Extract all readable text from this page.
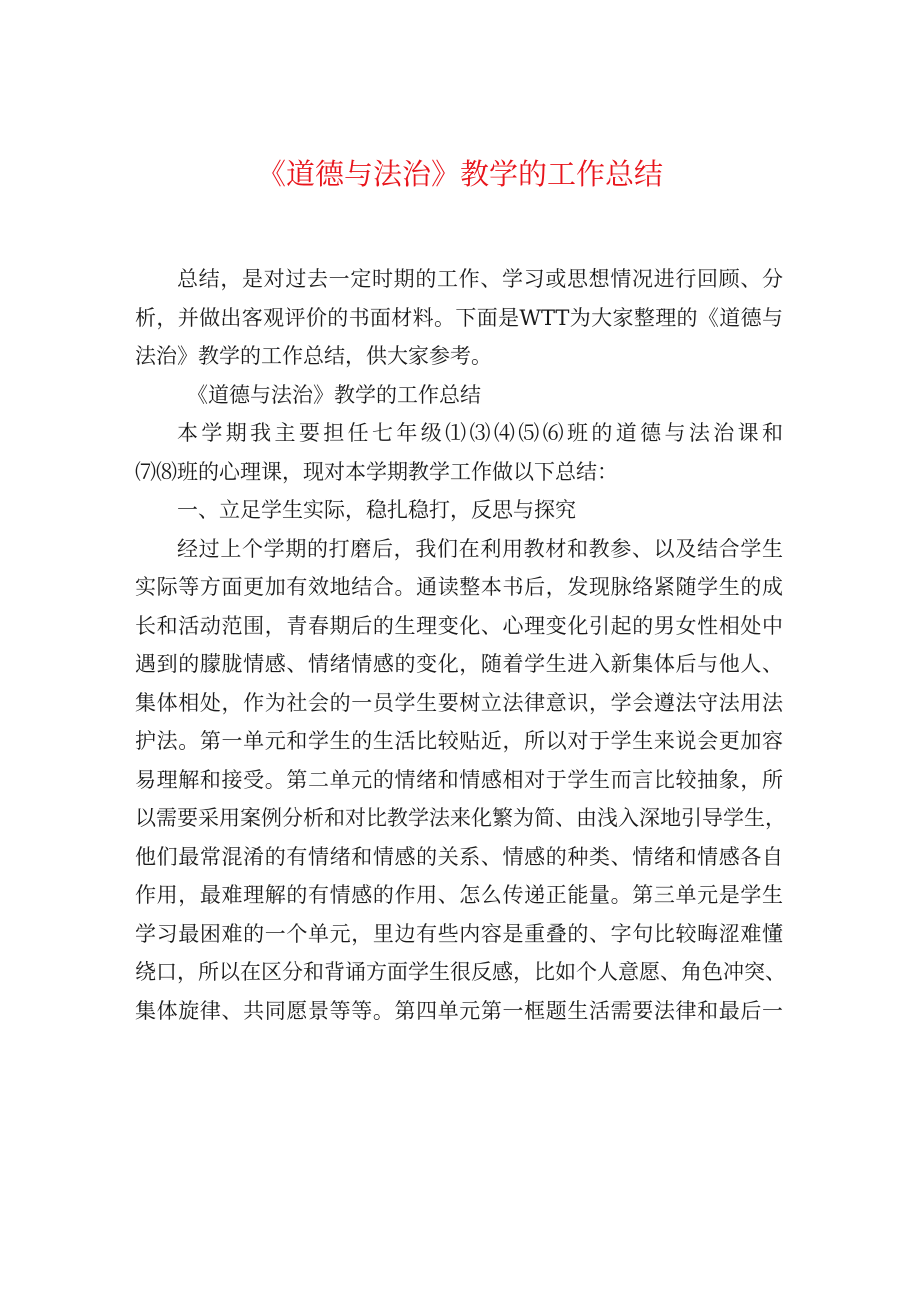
《道德与法治》教学的工作总结
总结，是对过去一定时期的工作、学习或思想情况进行回顾、分
析，并做出客观评价的书面材料。下面是WTT为大家整理的《道德与
法治》教学的工作总结，供大家参考。
《道德与法治》教学的工作总结
本学期我主要担任七年级⑴⑶⑷⑸⑹班的道德与法治课和
⑺⑻班的心理课，现对本学期教学工作做以下总结：
一、立足学生实际，稳扎稳打，反思与探究
经过上个学期的打磨后，我们在利用教材和教参、以及结合学生
实际等方面更加有效地结合。通读整本书后，发现脉络紧随学生的成
长和活动范围，青春期后的生理变化、心理变化引起的男女性相处中
遇到的朦胧情感、情绪情感的变化，随着学生进入新集体后与他人、
集体相处，作为社会的一员学生要树立法律意识，学会遵法守法用法
护法。第一单元和学生的生活比较贴近，所以对于学生来说会更加容
易理解和接受。第二单元的情绪和情感相对于学生而言比较抽象，所
以需要采用案例分析和对比教学法来化繁为简、由浅入深地引导学生，
他们最常混淆的有情绪和情感的关系、情感的种类、情绪和情感各自
作用，最难理解的有情感的作用、怎么传递正能量。第三单元是学生
学习最困难的一个单元，里边有些内容是重叠的、字句比较晦涩难懂
绕口，所以在区分和背诵方面学生很反感，比如个人意愿、角色冲突、
集体旋律、共同愿景等等。第四单元第一框题生活需要法律和最后一
